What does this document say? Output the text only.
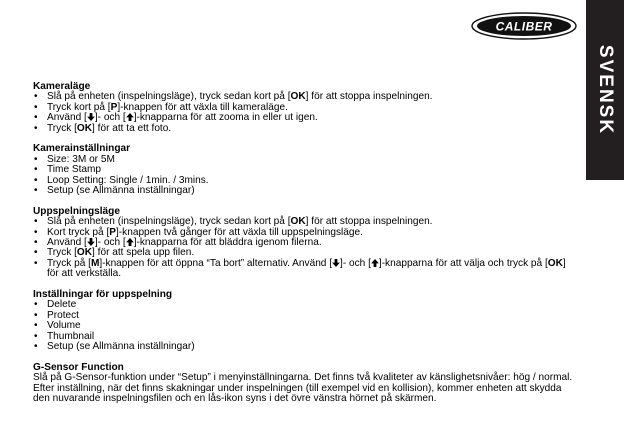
CALIBER
SVENSK
Kameraläge
• Slå på enheten (inspelningsläge), tryck sedan kort på [OK] för att stoppa inspelningen.
• Tryck kort på [P]-knappen för att växla till kameraläge.
• Använd [ ]- och [ ]-knapparna för att zooma in eller ut igen.
• Tryck [OK] för att ta ett foto.
Kamerainställningar
• Size: 3M or 5M
• Time Stamp
• Loop Setting: Single / 1min. / 3mins.
• Setup (se Allmänna inställningar)
Uppspelningsläge
• Slå på enheten (inspelningsläge), tryck sedan kort på [OK] för att stoppa inspelningen.
• Kort tryck på [P]-knappen två gånger för att växla till uppspelningsläge.
• Använd [ ]- och [ ]-knapparna för att bläddra igenom filerna.
• Tryck [OK] för att spela upp filen.
• Tryck på [M]-knappen för att öppna “Ta bort” alternativ. Använd [ ]- och [ ]-knapparna för att välja och tryck på [OK] för att verkställa.
Inställningar för uppspelning
• Delete
• Protect
• Volume
• Thumbnail
• Setup (se Allmänna inställningar)
G-Sensor Function

Slå på G-Sensor-funktion under “Setup” i menyinställningarna. Det finns två kvaliteter av känslighetsnivåer: hög / normal. Efter inställning, när det finns skakningar under inspelningen (till exempel vid en kollision), kommer enheten att skydda den nuvarande inspelningsfilen och en lås-ikon syns i det övre vänstra hörnet på skärmen.
